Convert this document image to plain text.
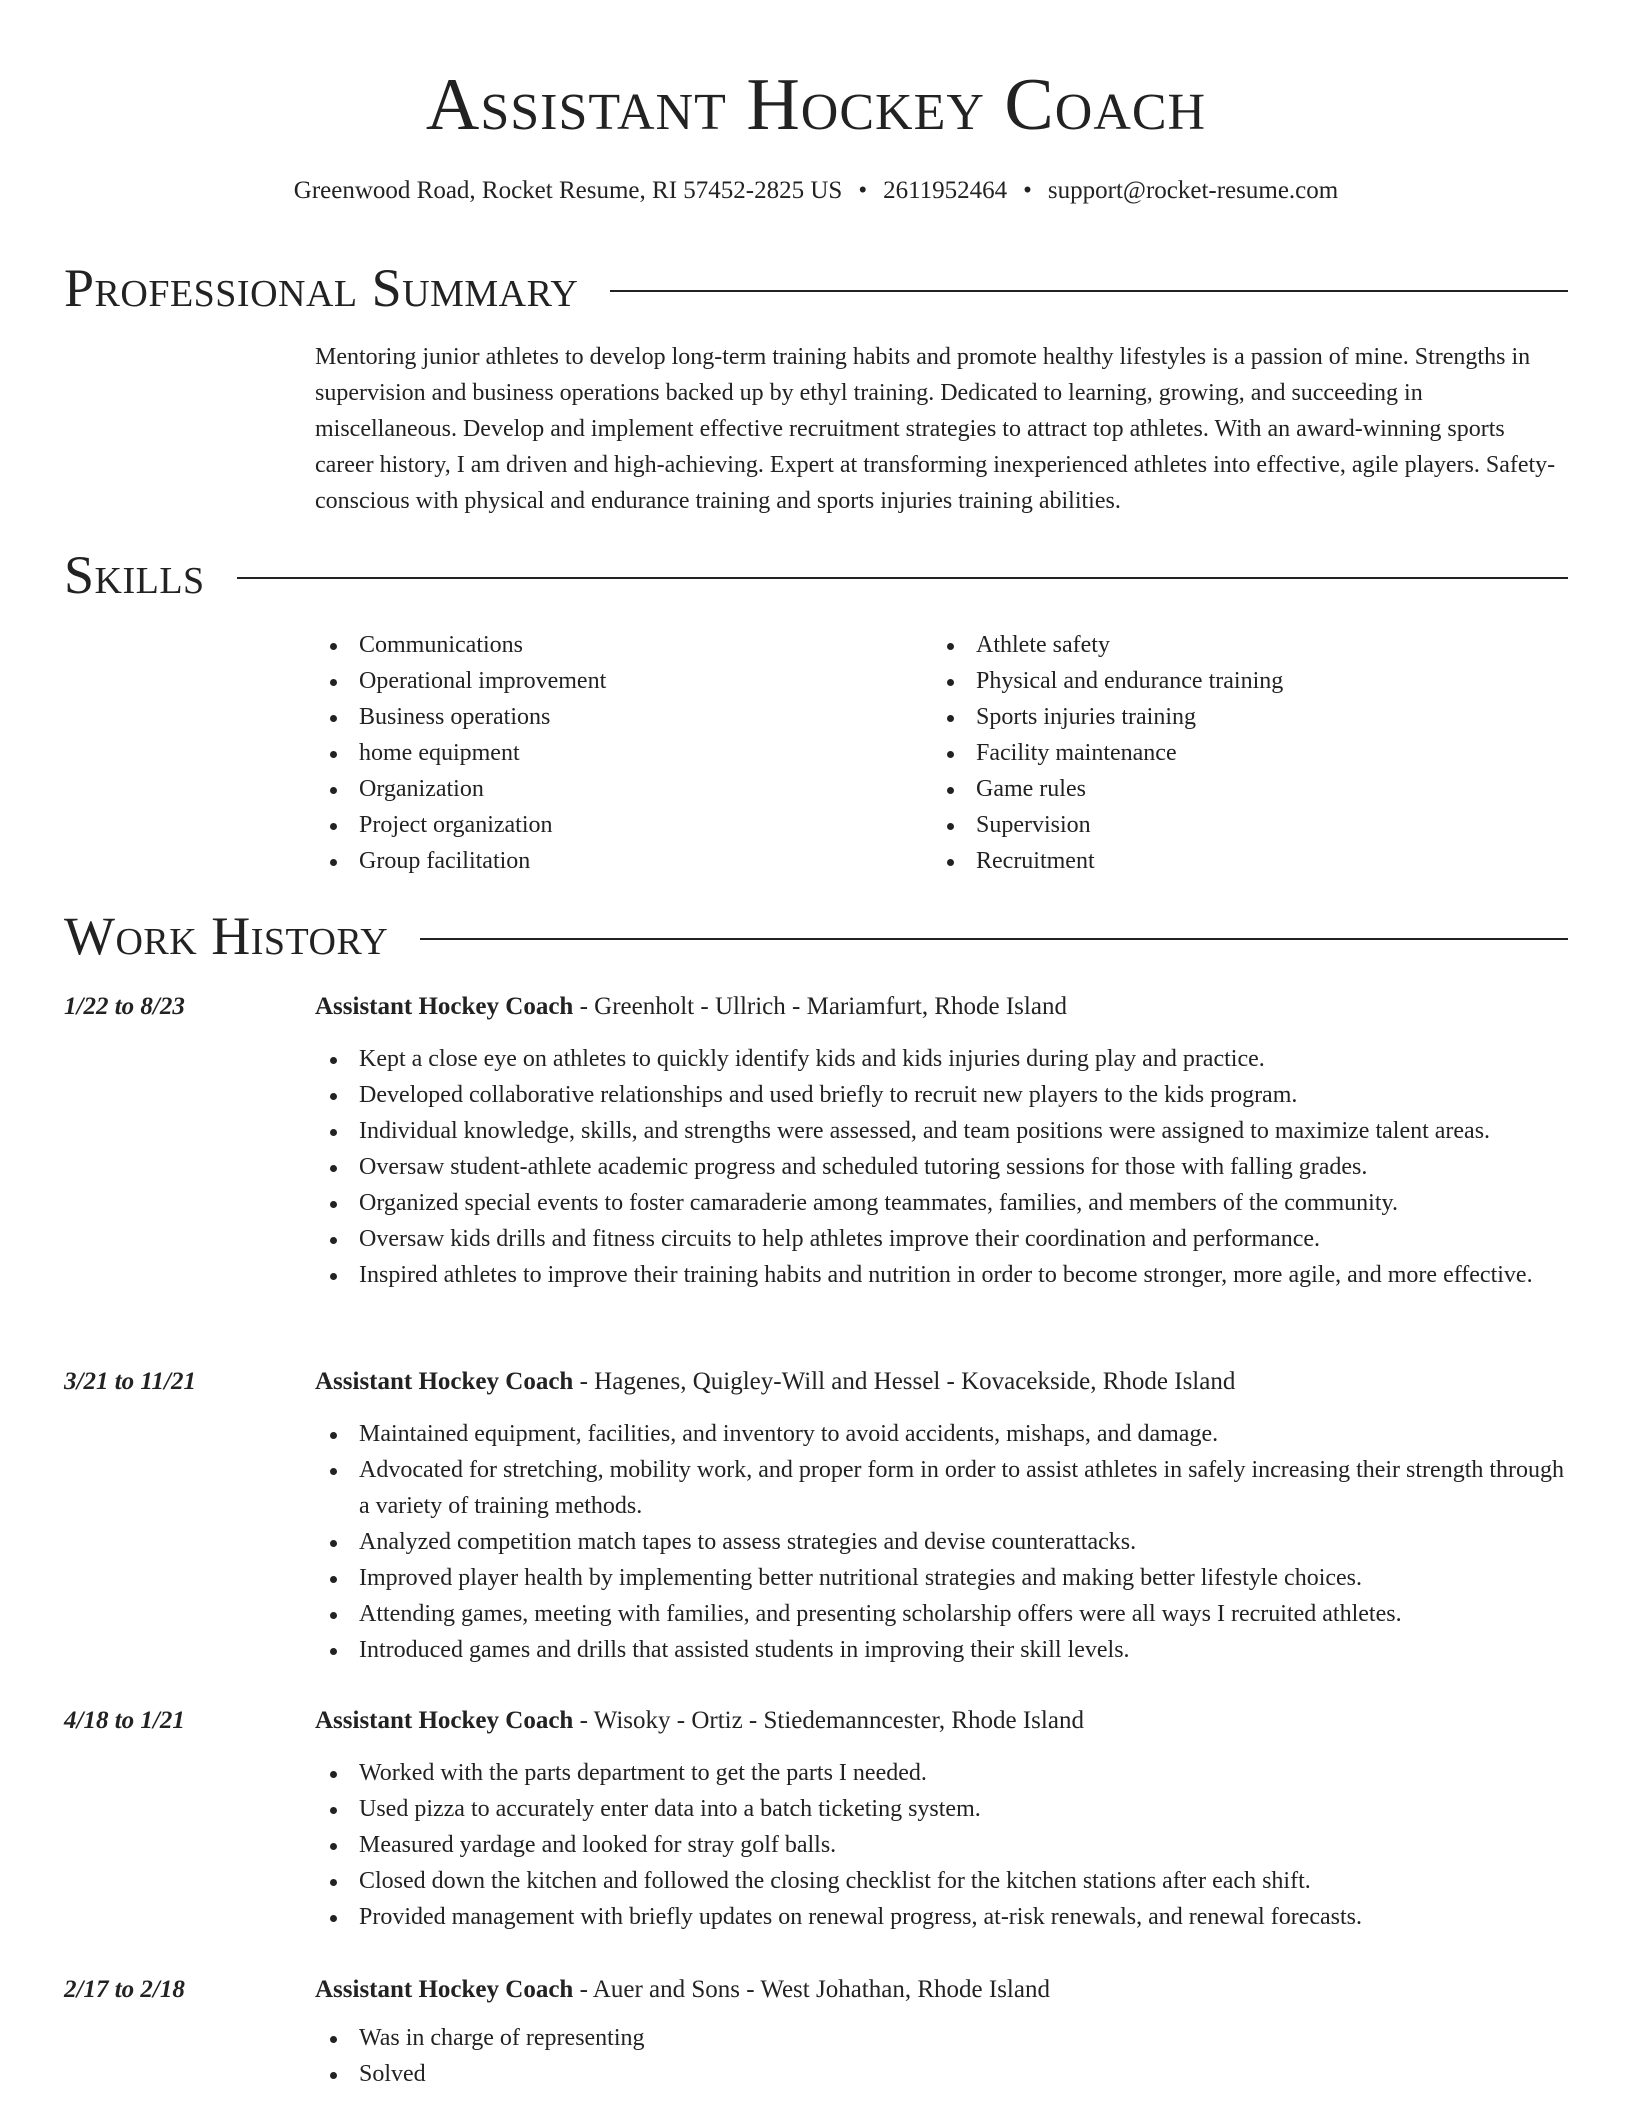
Assistant Hockey Coach
Greenwood Road, Rocket Resume, RI 57452-2825 US • 2611952464 • support@rocket-resume.com
Professional Summary

Mentoring junior athletes to develop long-term training habits and promote healthy lifestyles is a passion of mine. Strengths in supervision and business operations backed up by ethyl training. Dedicated to learning, growing, and succeeding in miscellaneous. Develop and implement effective recruitment strategies to attract top athletes. With an award-winning sports career history, I am driven and high-achieving. Expert at transforming inexperienced athletes into effective, agile players. Safety-conscious with physical and endurance training and sports injuries training abilities.

Skills
Communications
Operational improvement
Business operations
home equipment
Organization
Project organization
Group facilitation
Athlete safety
Physical and endurance training
Sports injuries training
Facility maintenance
Game rules
Supervision
Recruitment
Work History
1/22 to 8/23	Assistant Hockey Coach - Greenholt - Ullrich - Mariamfurt, Rhode Island
Kept a close eye on athletes to quickly identify kids and kids injuries during play and practice.
Developed collaborative relationships and used briefly to recruit new players to the kids program.
Individual knowledge, skills, and strengths were assessed, and team positions were assigned to maximize talent areas.
Oversaw student-athlete academic progress and scheduled tutoring sessions for those with falling grades.
Organized special events to foster camaraderie among teammates, families, and members of the community.
Oversaw kids drills and fitness circuits to help athletes improve their coordination and performance.
Inspired athletes to improve their training habits and nutrition in order to become stronger, more agile, and more effective.
3/21 to 11/21	Assistant Hockey Coach - Hagenes, Quigley-Will and Hessel - Kovacekside, Rhode Island
Maintained equipment, facilities, and inventory to avoid accidents, mishaps, and damage.
Advocated for stretching, mobility work, and proper form in order to assist athletes in safely increasing their strength through a variety of training methods.
Analyzed competition match tapes to assess strategies and devise counterattacks.
Improved player health by implementing better nutritional strategies and making better lifestyle choices.
Attending games, meeting with families, and presenting scholarship offers were all ways I recruited athletes.
Introduced games and drills that assisted students in improving their skill levels.
4/18 to 1/21	Assistant Hockey Coach - Wisoky - Ortiz - Stiedemanncester, Rhode Island
Worked with the parts department to get the parts I needed.
Used pizza to accurately enter data into a batch ticketing system.
Measured yardage and looked for stray golf balls.
Closed down the kitchen and followed the closing checklist for the kitchen stations after each shift.
Provided management with briefly updates on renewal progress, at-risk renewals, and renewal forecasts.
2/17 to 2/18	Assistant Hockey Coach - Auer and Sons - West Johathan, Rhode Island
Was in charge of representing
Solved
